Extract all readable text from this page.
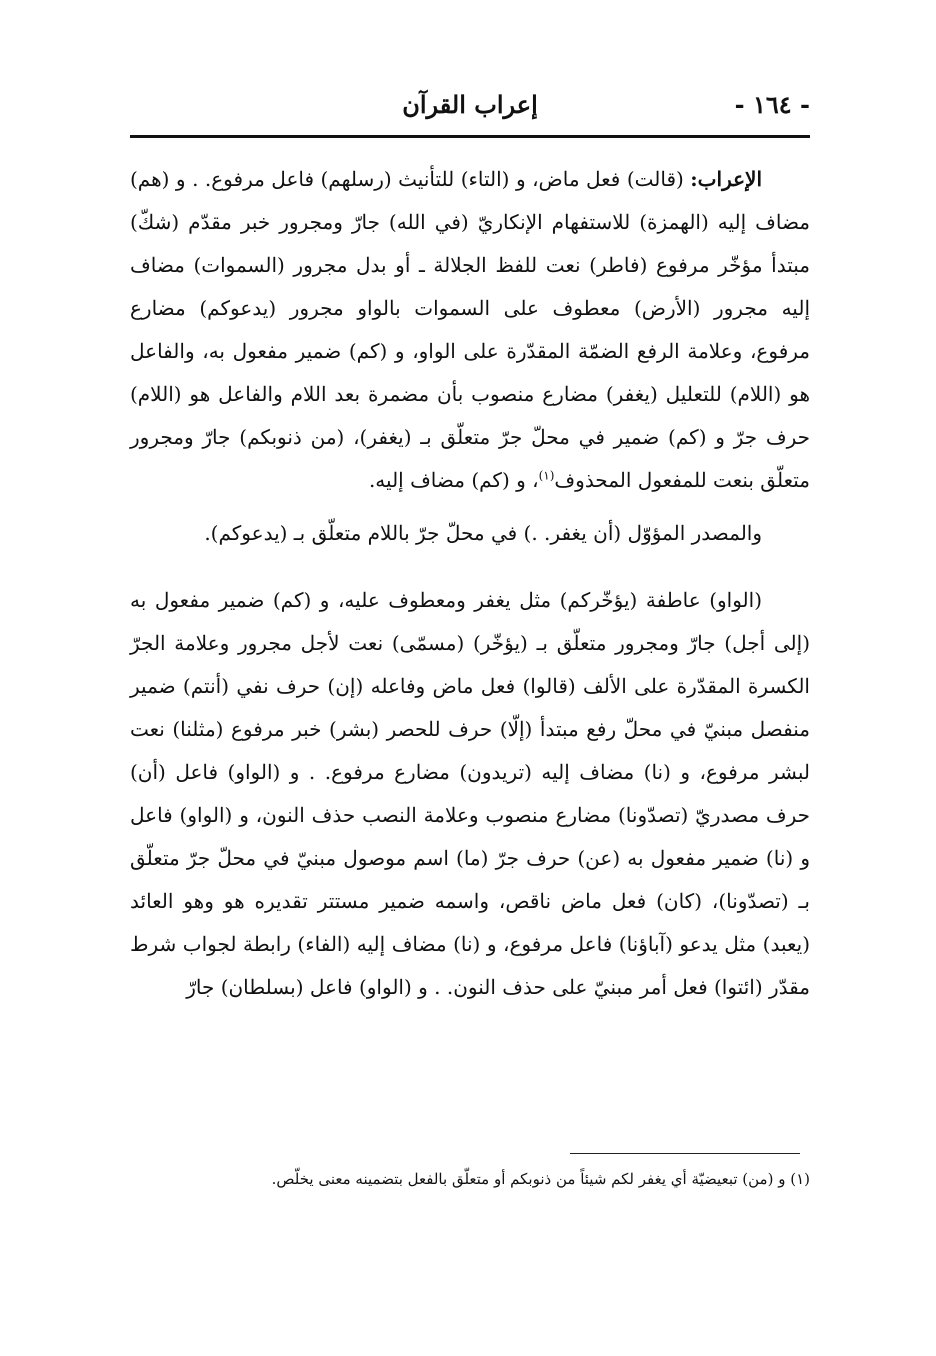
- ١٦٤ -
إعراب القرآن

الإعراب: (قالت) فعل ماض، و (التاء) للتأنيث (رسلهم) فاعل مرفوع. . و (هم) مضاف إليه (الهمزة) للاستفهام الإنكاريّ (في الله) جارّ ومجرور خبر مقدّم (شكّ) مبتدأ مؤخّر مرفوع (فاطر) نعت للفظ الجلالة ـ أو بدل مجرور (السموات) مضاف إليه مجرور (الأرض) معطوف على السموات بالواو مجرور (يدعوكم) مضارع مرفوع، وعلامة الرفع الضمّة المقدّرة على الواو، و (كم) ضمير مفعول به، والفاعل هو (اللام) للتعليل (يغفر) مضارع منصوب بأن مضمرة بعد اللام والفاعل هو (اللام) حرف جرّ و (كم) ضمير في محلّ جرّ متعلّق بـ (يغفر)، (من ذنوبكم) جارّ ومجرور متعلّق بنعت للمفعول المحذوف$^{(١)}$، و (كم) مضاف إليه.

والمصدر المؤوّل (أن يغفر. .) في محلّ جرّ باللام متعلّق بـ (يدعوكم).

(الواو) عاطفة (يؤخّركم) مثل يغفر ومعطوف عليه، و (كم) ضمير مفعول به (إلى أجل) جارّ ومجرور متعلّق بـ (يؤخّر) (مسمّى) نعت لأجل مجرور وعلامة الجرّ الكسرة المقدّرة على الألف (قالوا) فعل ماض وفاعله (إن) حرف نفي (أنتم) ضمير منفصل مبنيّ في محلّ رفع مبتدأ (إلّا) حرف للحصر (بشر) خبر مرفوع (مثلنا) نعت لبشر مرفوع، و (نا) مضاف إليه (تريدون) مضارع مرفوع. . و (الواو) فاعل (أن) حرف مصدريّ (تصدّونا) مضارع منصوب وعلامة النصب حذف النون، و (الواو) فاعل و (نا) ضمير مفعول به (عن) حرف جرّ (ما) اسم موصول مبنيّ في محلّ جرّ متعلّق بـ (تصدّونا)، (كان) فعل ماض ناقص، واسمه ضمير مستتر تقديره هو وهو العائد (يعبد) مثل يدعو (آباؤنا) فاعل مرفوع، و (نا) مضاف إليه (الفاء) رابطة لجواب شرط مقدّر (ائتوا) فعل أمر مبنيّ على حذف النون. . و (الواو) فاعل (بسلطان) جارّ

(١) و (من) تبعيضيّة أي يغفر لكم شيئاً من ذنوبكم أو متعلّق بالفعل بتضمينه معنى يخلّص.
